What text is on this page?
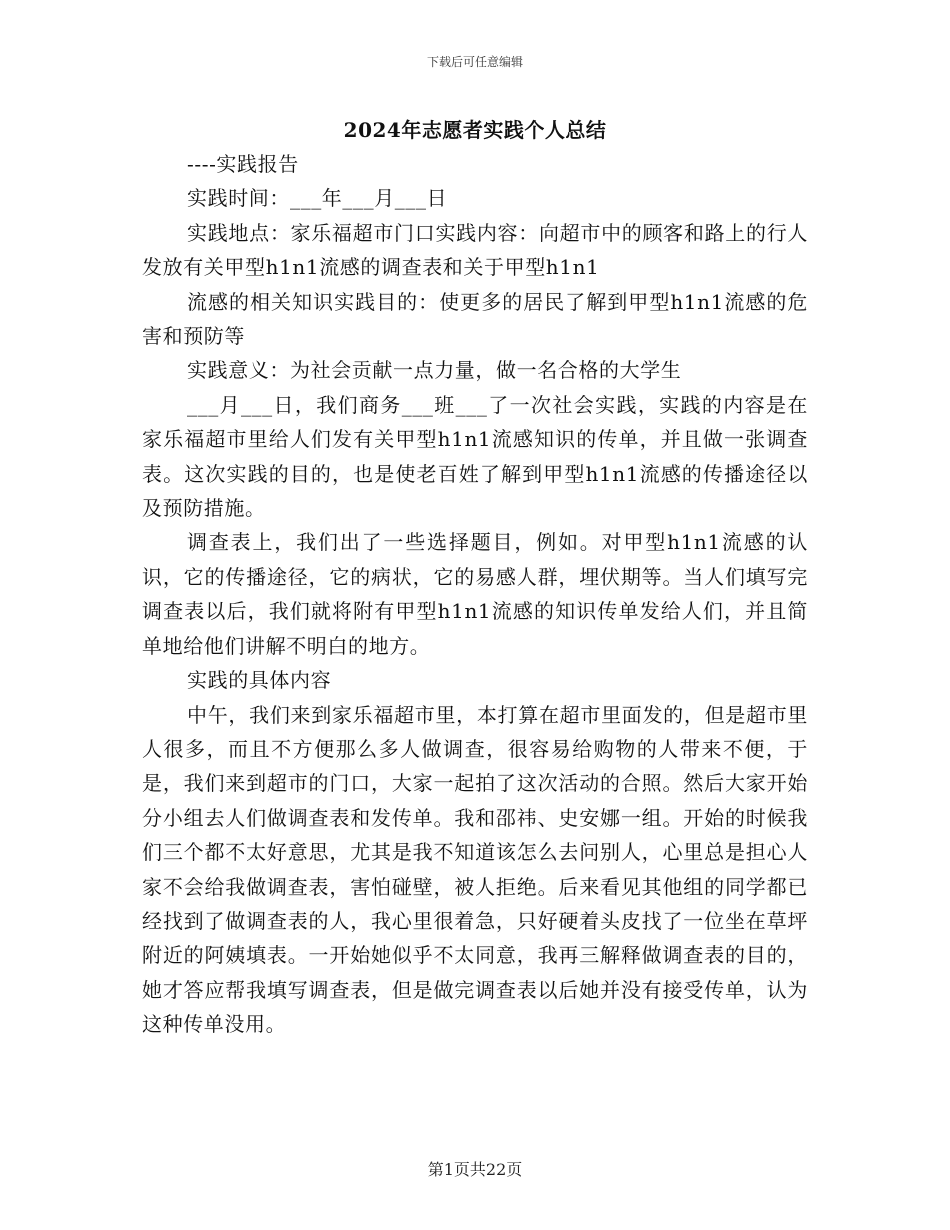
下载后可任意编辑
2024年志愿者实践个人总结

----实践报告

实践时间：___年___月___日

实践地点：家乐福超市门口实践内容：向超市中的顾客和路上的行人发放有关甲型h1n1流感的调查表和关于甲型h1n1

流感的相关知识实践目的：使更多的居民了解到甲型h1n1流感的危害和预防等

实践意义：为社会贡献一点力量，做一名合格的大学生

___月___日，我们商务___班___了一次社会实践，实践的内容是在家乐福超市里给人们发有关甲型h1n1流感知识的传单，并且做一张调查表。这次实践的目的，也是使老百姓了解到甲型h1n1流感的传播途径以及预防措施。

调查表上，我们出了一些选择题目，例如。对甲型h1n1流感的认识，它的传播途径，它的病状，它的易感人群，埋伏期等。当人们填写完调查表以后，我们就将附有甲型h1n1流感的知识传单发给人们，并且简单地给他们讲解不明白的地方。

实践的具体内容

中午，我们来到家乐福超市里，本打算在超市里面发的，但是超市里人很多，而且不方便那么多人做调查，很容易给购物的人带来不便，于是，我们来到超市的门口，大家一起拍了这次活动的合照。然后大家开始分小组去人们做调查表和发传单。我和邵祎、史安娜一组。开始的时候我们三个都不太好意思，尤其是我不知道该怎么去问别人，心里总是担心人家不会给我做调查表，害怕碰壁，被人拒绝。后来看见其他组的同学都已经找到了做调查表的人，我心里很着急，只好硬着头皮找了一位坐在草坪附近的阿姨填表。一开始她似乎不太同意，我再三解释做调查表的目的，她才答应帮我填写调查表，但是做完调查表以后她并没有接受传单，认为这种传单没用。

第1页共22页
